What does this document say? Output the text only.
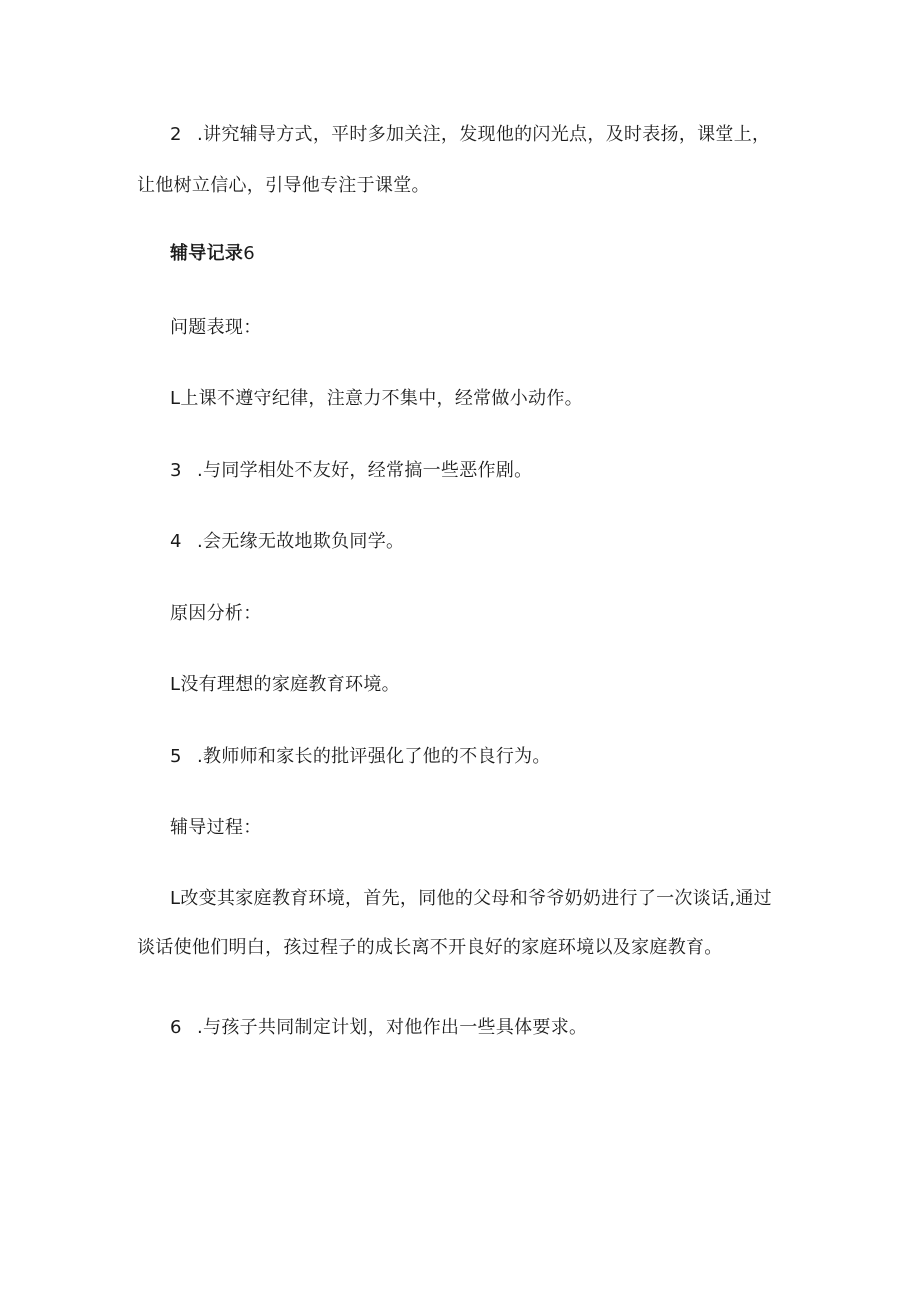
2 .讲究辅导方式，平时多加关注，发现他的闪光点，及时表扬，课堂上，
让他树立信心，引导他专注于课堂。
辅导记录6
问题表现：
L上课不遵守纪律，注意力不集中，经常做小动作。
3 .与同学相处不友好，经常搞一些恶作剧。
4 .会无缘无故地欺负同学。
原因分析：
L没有理想的家庭教育环境。
5 .教师师和家长的批评强化了他的不良行为。
辅导过程：
L改变其家庭教育环境，首先，同他的父母和爷爷奶奶进行了一次谈话,通过
谈话使他们明白，孩过程子的成长离不开良好的家庭环境以及家庭教育。
6 .与孩子共同制定计划，对他作出一些具体要求。
